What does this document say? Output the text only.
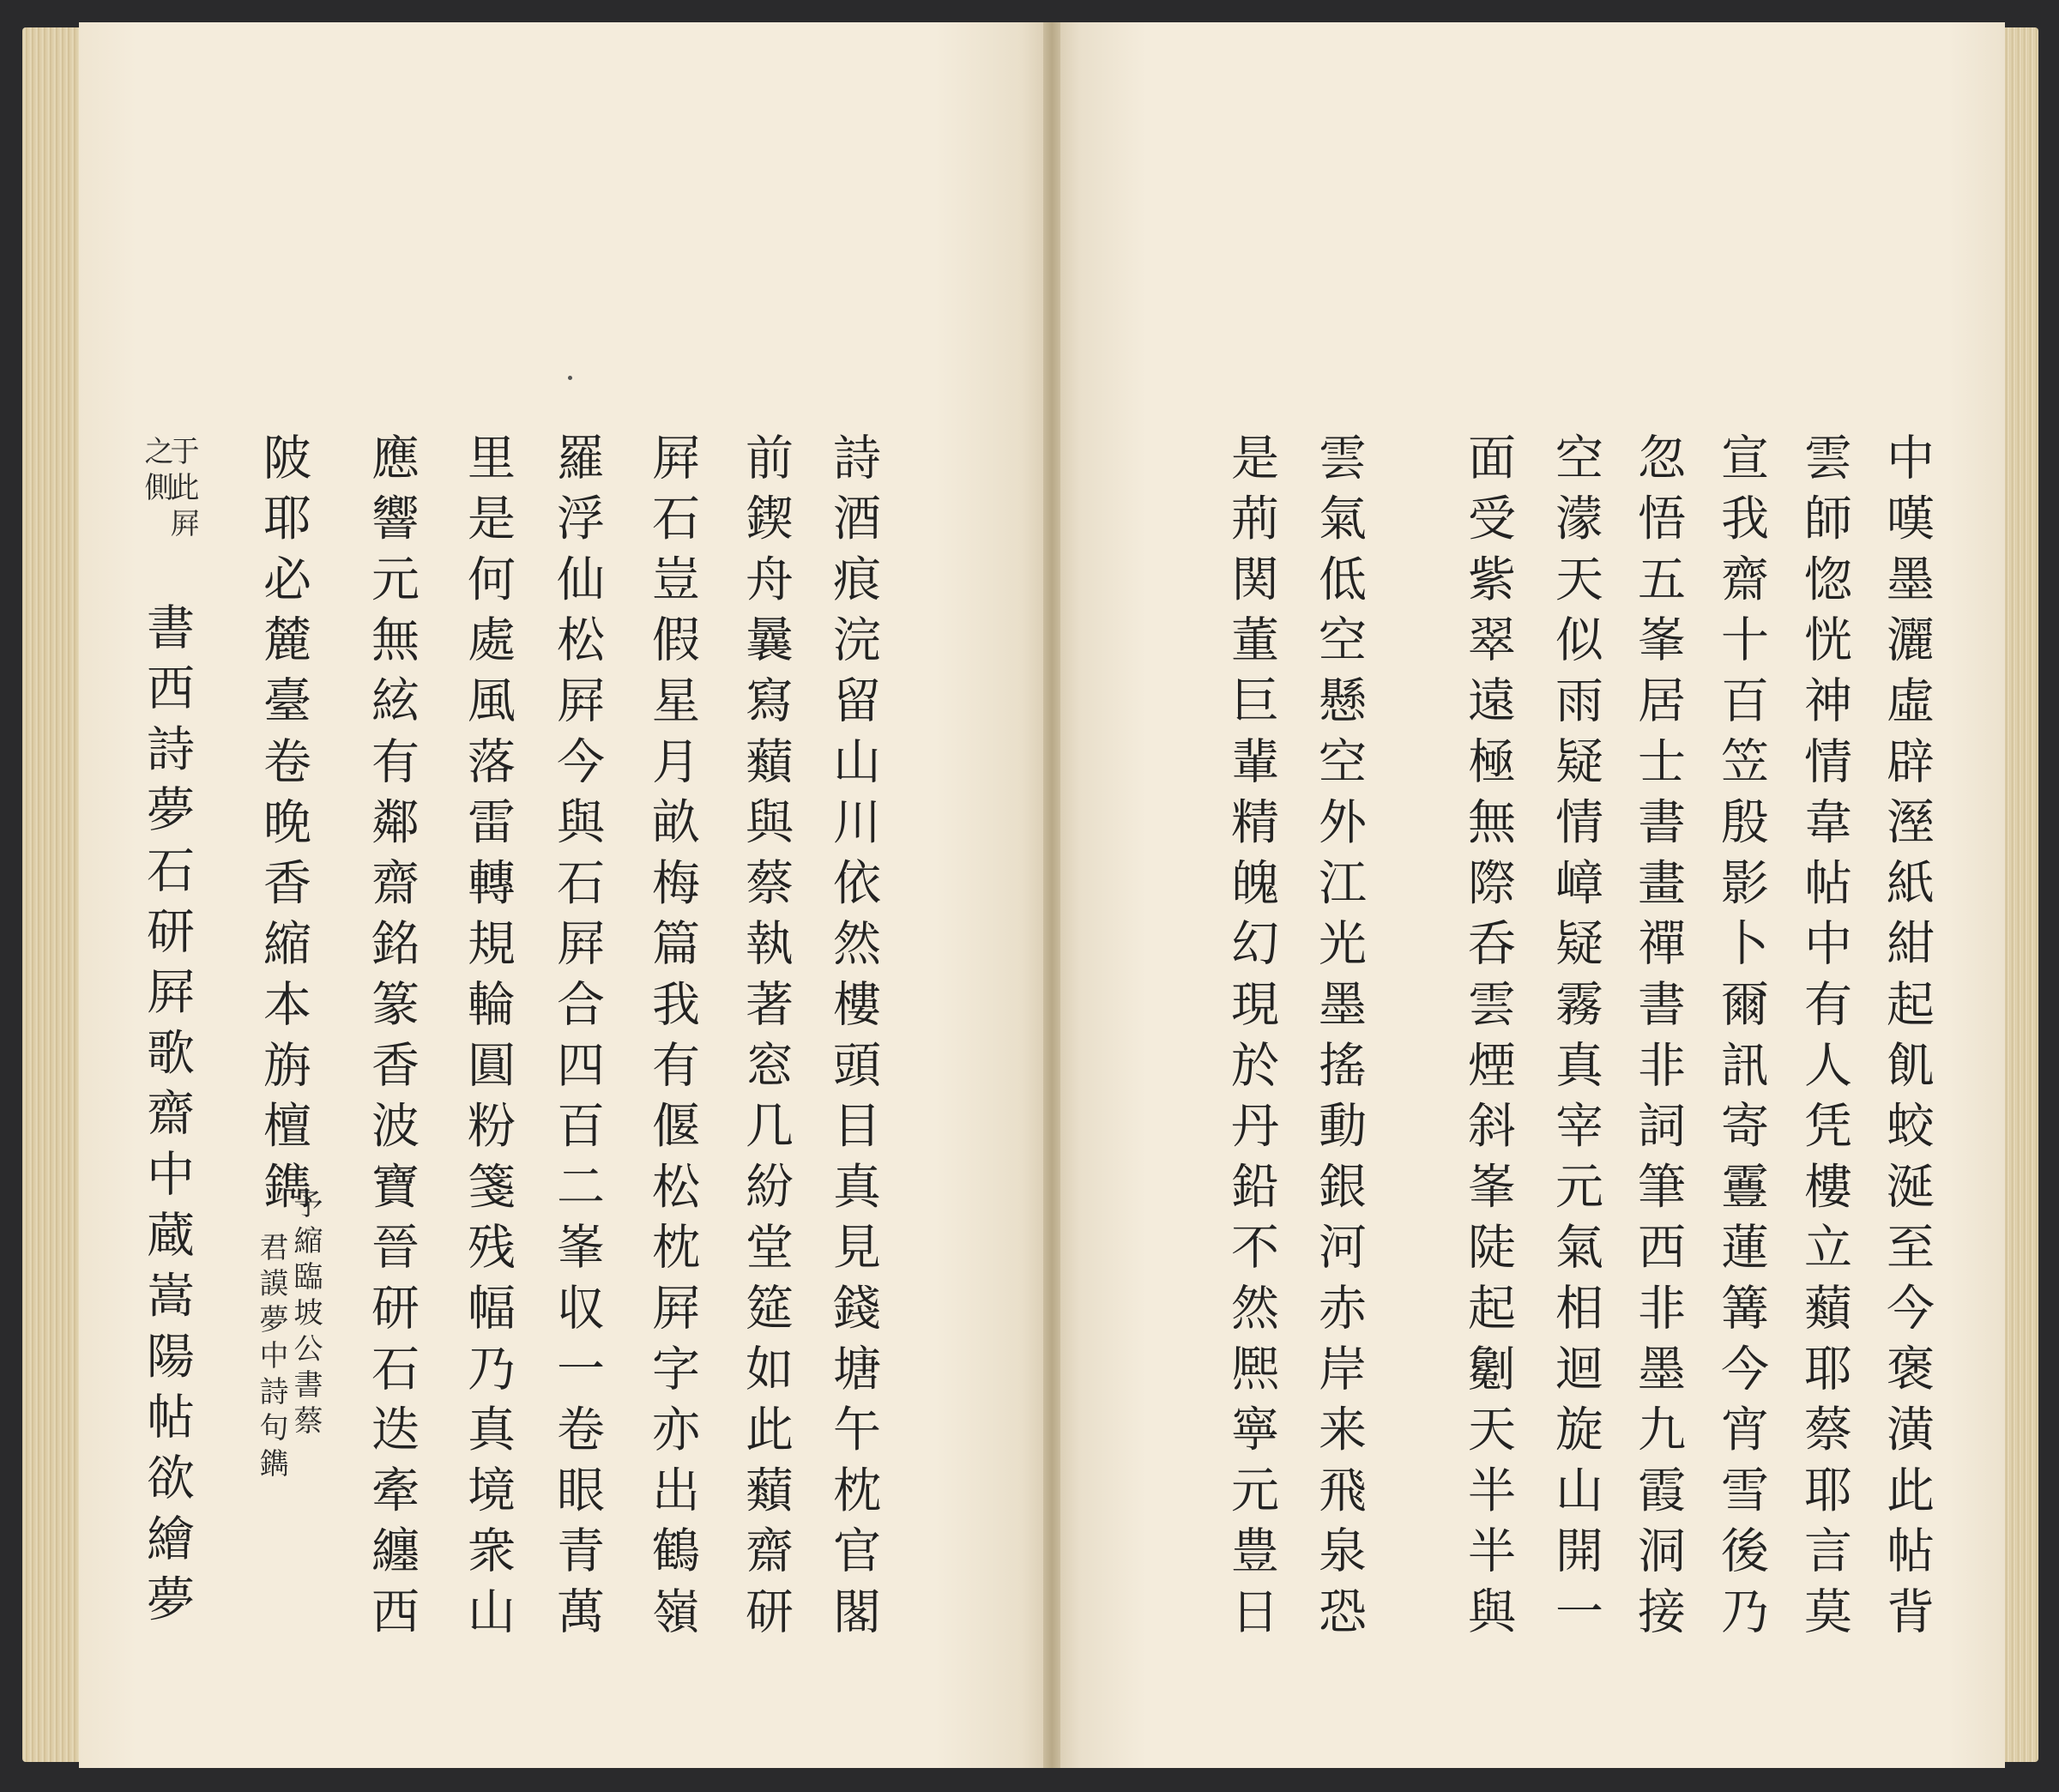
中嘆墨灑虛辟溼紙紺起飢蛟涎至今褒潢此帖背
雲師惚恍神情韋帖中有人凭樓立蘱耶蔡耶言莫
宣我齋十百笠殷影卜爾訊寄霻蓮篝今宵雪後乃
忽悟五峯居士書畫禪書非詞筆西非墨九霞洞接
空濛天似雨疑情嶂疑霧真宰元氣相迴旋山開一
面受紫翠遠極無際呑雲煙斜峯陡起劖天半半與
雲氣低空懸空外江光墨搖動銀河赤岸来飛泉恐
是荊関董巨輩精魄幻現於丹鉛不然熈寧元豊日
詩酒痕浣留山川依然樓頭目真見錢塘午枕官閣
前鍥舟曩寫蘱與蔡執著窓几紛堂筵如此蘱齋研
屛石豈假星月畝梅篇我有偃松枕屛字亦出鶴嶺
羅浮仙松屛今與石屛合四百二峯収一卷眼青萬
里是何處風落雷轉規輪圓粉箋残幅乃真境衆山
應響元無絃有鄰齋銘篆香波寶晉研石迭牽纏西
陂耶必麓臺卷晚香縮本旃檀鐫
予縮臨坡公書蔡
君謨夢中詩句鐫
于此屛
之側
書西詩夢石研屛歌齋中蔵嵩陽帖欲繪夢
